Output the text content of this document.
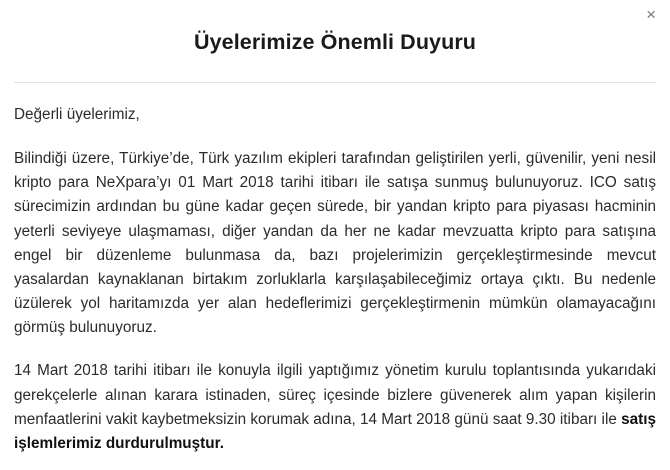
×
Üyelerimize Önemli Duyuru

Değerli üyelerimiz,

Bilindiği üzere, Türkiye’de, Türk yazılım ekipleri tarafından geliştirilen yerli, güvenilir, yeni nesil kripto para NeXpara’yı 01 Mart 2018 tarihi itibarı ile satışa sunmuş bulunuyoruz. ICO satış sürecimizin ardından bu güne kadar geçen sürede, bir yandan kripto para piyasası hacminin yeterli seviyeye ulaşmaması, diğer yandan da her ne kadar mevzuatta kripto para satışına engel bir düzenleme bulunmasa da, bazı projelerimizin gerçekleştirmesinde mevcut yasalardan kaynaklanan birtakım zorluklarla karşılaşabileceğimiz ortaya çıktı. Bu nedenle üzülerek yol haritamızda yer alan hedeflerimizi gerçekleştirmenin mümkün olamayacağını görmüş bulunuyoruz.

14 Mart 2018 tarihi itibarı ile konuyla ilgili yaptığımız yönetim kurulu toplantısında yukarıdaki gerekçelerle alınan karara istinaden, süreç içesinde bizlere güvenerek alım yapan kişilerin menfaatlerini vakit kaybetmeksizin korumak adına, 14 Mart 2018 günü saat 9.30 itibarı ile satış işlemlerimiz durdurulmuştur.
